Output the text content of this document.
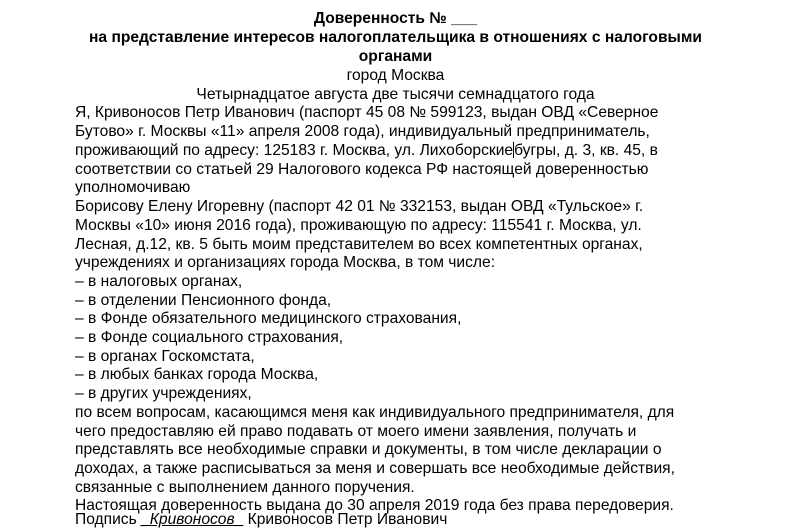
Доверенность № ___
на представление интересов налогоплательщика в отношениях с налоговыми
органами
город Москва
Четырнадцатое августа две тысячи семнадцатого года
Я, Кривоносов Петр Иванович (паспорт 45 08 № 599123, выдан ОВД «Северное
Бутово» г. Москвы «11» апреля 2008 года), индивидуальный предприниматель,
проживающий по адресу: 125183 г. Москва, ул. Лихоборскиебугры, д. 3, кв. 45, в
соответствии со статьей 29 Налогового кодекса РФ настоящей доверенностью
уполномочиваю
Борисову Елену Игоревну (паспорт 42 01 № 332153, выдан ОВД «Тульское» г.
Москвы «10» июня 2016 года), проживающую по адресу: 115541 г. Москва, ул.
Лесная, д.12, кв. 5 быть моим представителем во всех компетентных органах,
учреждениях и организациях города Москва, в том числе:
– в налоговых органах,
– в отделении Пенсионного фонда,
– в Фонде обязательного медицинского страхования,
– в Фонде социального страхования,
– в органах Госкомстата,
– в любых банках города Москва,
– в других учреждениях,
по всем вопросам, касающимся меня как индивидуального предпринимателя, для
чего предоставляю ей право подавать от моего имени заявления, получать и
представлять все необходимые справки и документы, в том числе декларации о
доходах, а также расписываться за меня и совершать все необходимые действия,
связанные с выполнением данного поручения.
Настоящая доверенность выдана до 30 апреля 2019 года без права передоверия.
Подпись _Кривоносов_ Кривоносов Петр Иванович
